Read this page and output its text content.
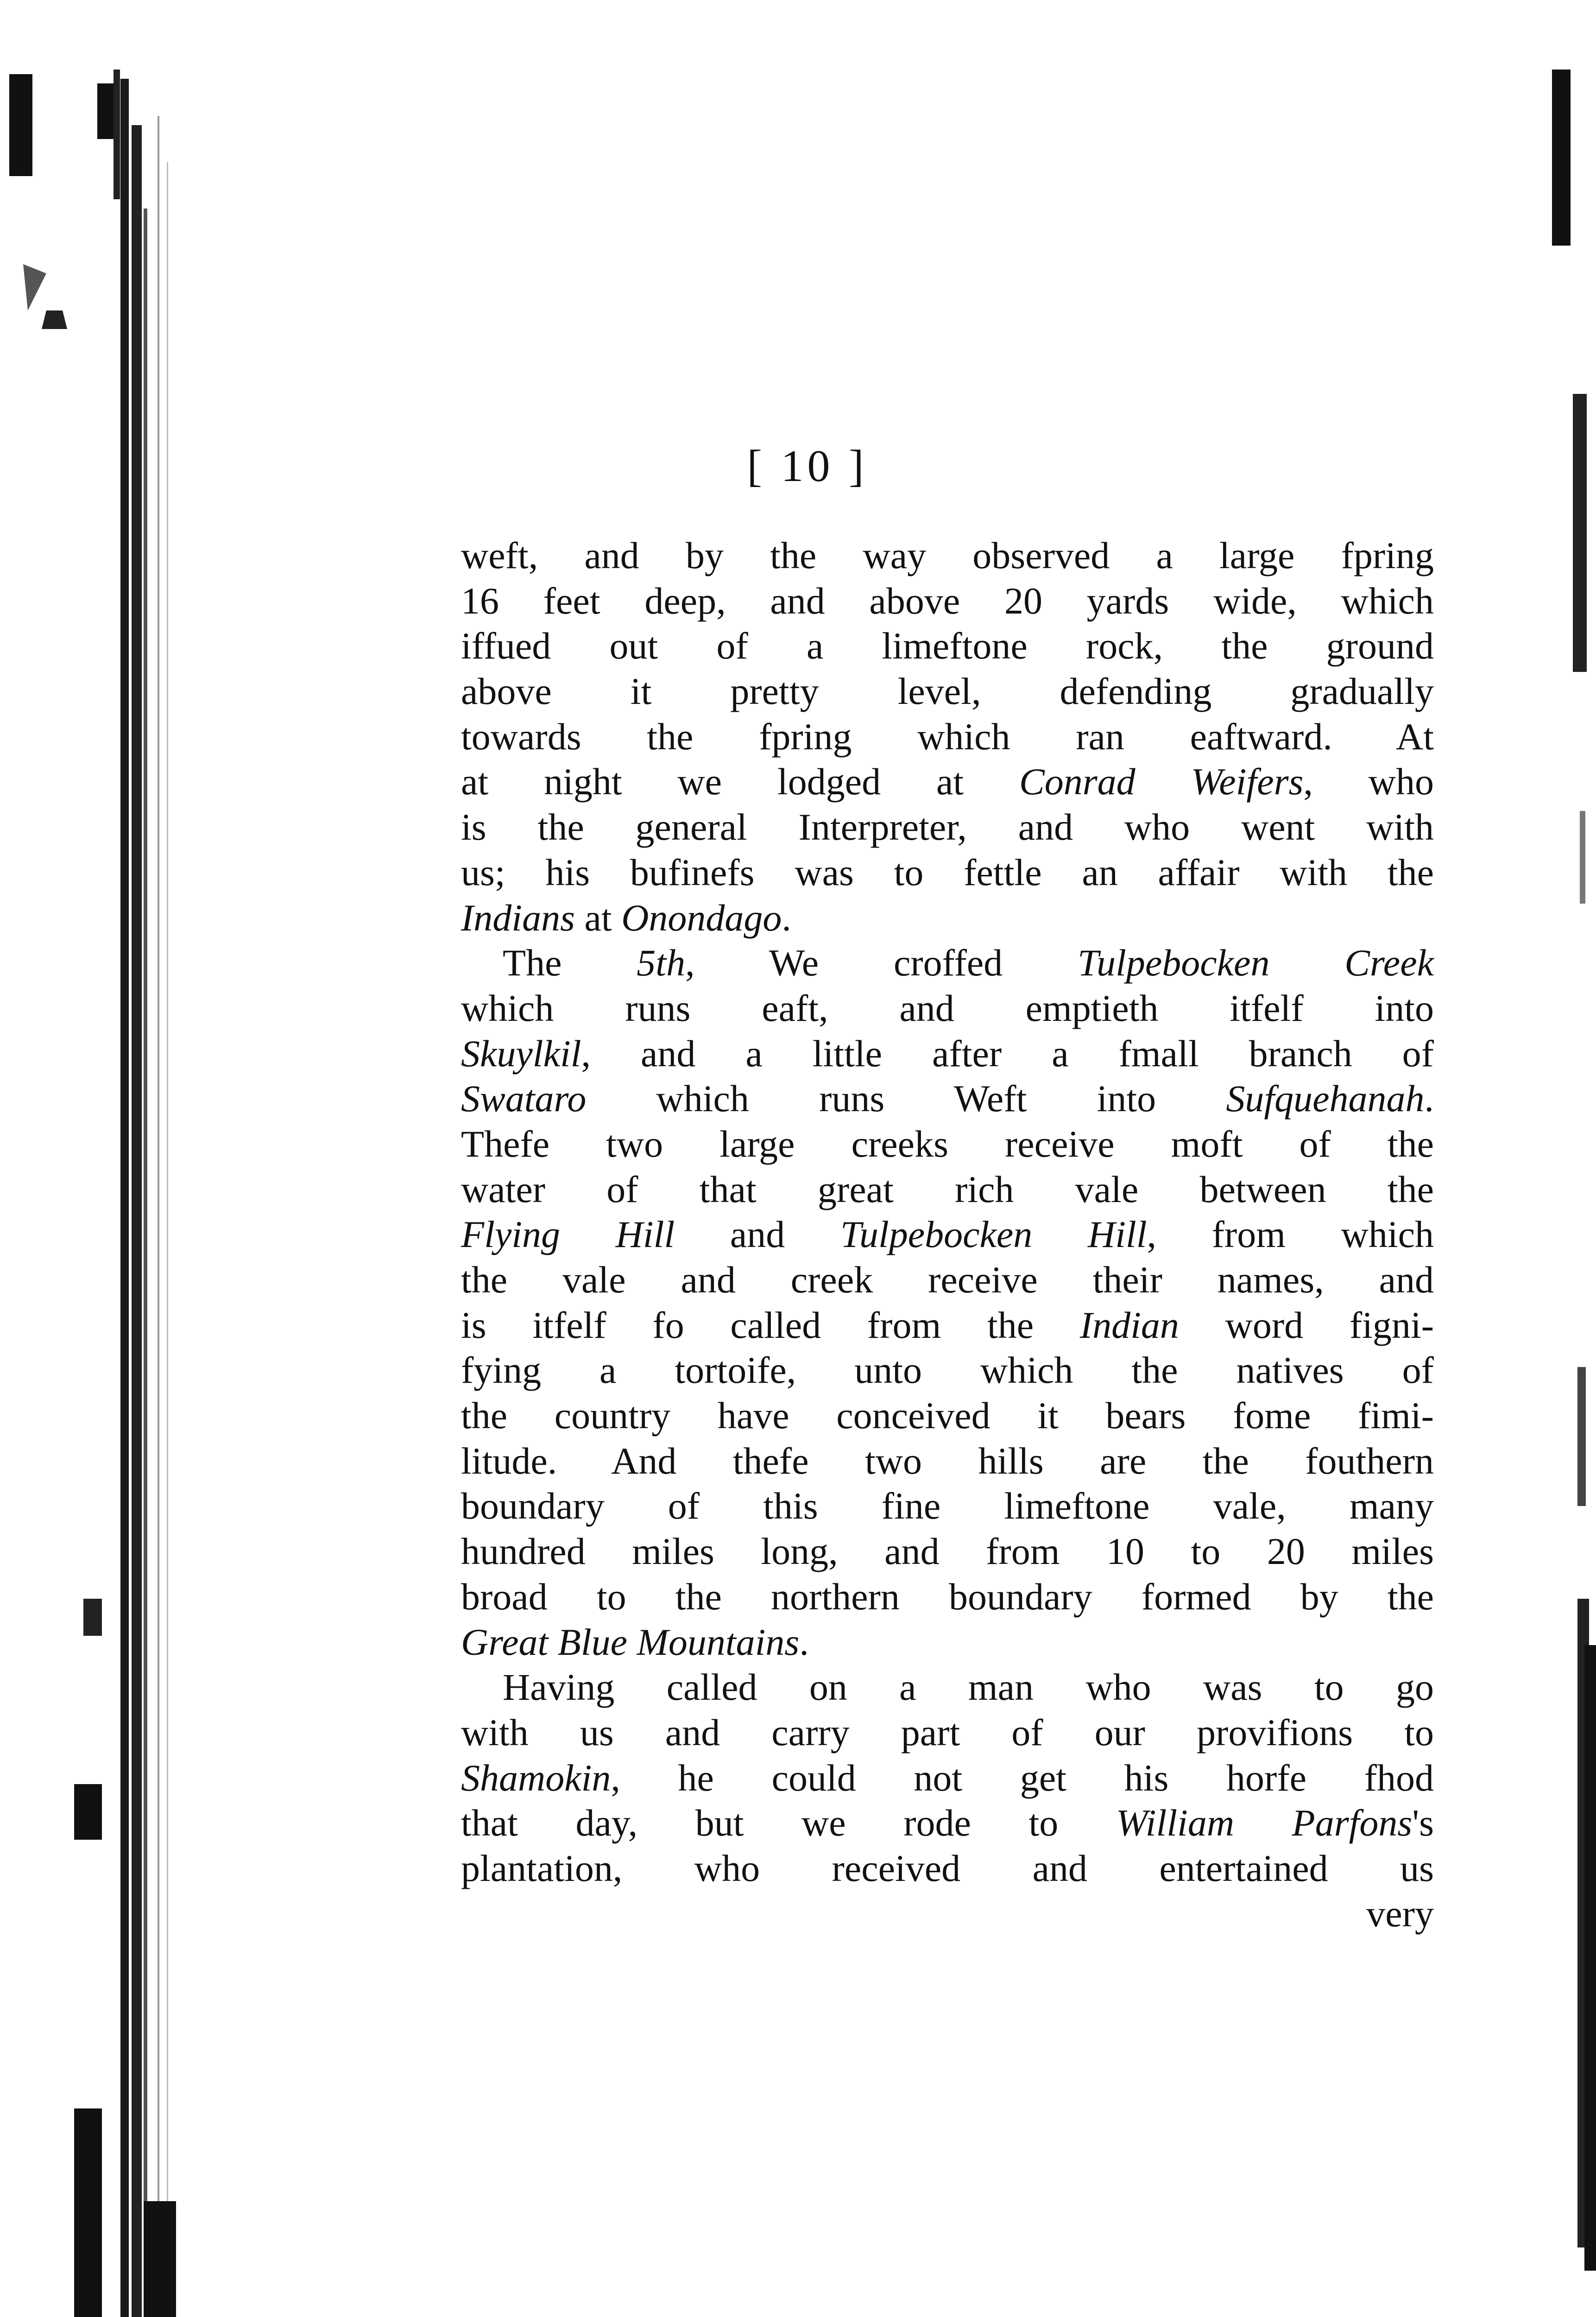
[ 10 ]
weft, and by the way observed a large fpring
16 feet deep, and above 20 yards wide, which
iffued out of a limeftone rock, the ground
above it pretty level, defending gradually
towards the fpring which ran eaftward. At
at night we lodged at Conrad Weifers, who
is the general Interpreter, and who went with
us; his bufinefs was to fettle an affair with the
Indians at Onondago.
The 5th, We croffed Tulpebocken Creek
which runs eaft, and emptieth itfelf into
Skuylkil, and a little after a fmall branch of
Swataro which runs Weft into Sufquehanah.
Thefe two large creeks receive moft of the
water of that great rich vale between the
Flying Hill and Tulpebocken Hill, from which
the vale and creek receive their names, and
is itfelf fo called from the Indian word figni-
fying a tortoife, unto which the natives of
the country have conceived it bears fome fimi-
litude. And thefe two hills are the fouthern
boundary of this fine limeftone vale, many
hundred miles long, and from 10 to 20 miles
broad to the northern boundary formed by the
Great Blue Mountains.
Having called on a man who was to go
with us and carry part of our provifions to
Shamokin, he could not get his horfe fhod
that day, but we rode to William Parfons's
plantation, who received and entertained us
very
